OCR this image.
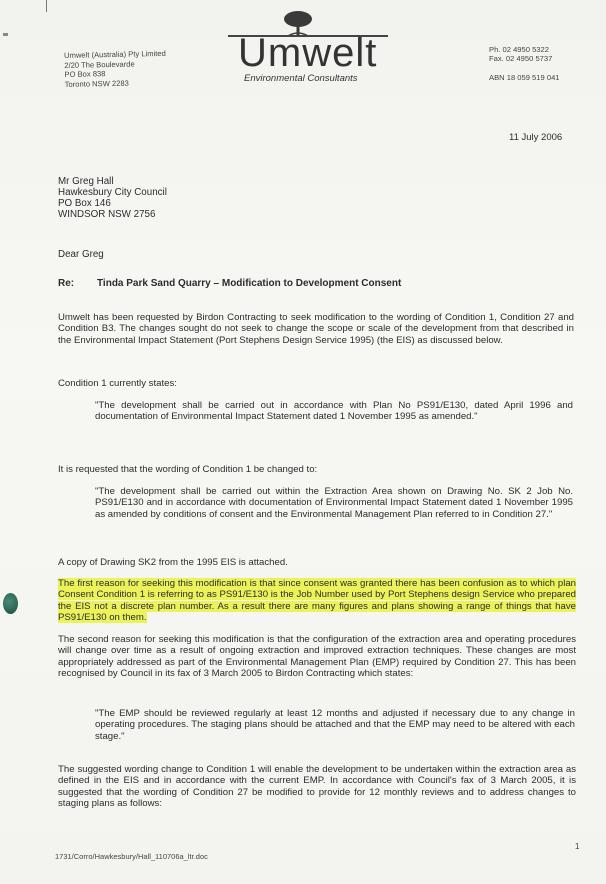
Umwelt (Australia) Pty Limited
2/20 The Boulevarde
PO Box 838
Toronto NSW 2283
Umwelt
Environmental Consultants
Ph. 02 4950 5322
Fax. 02 4950 5737
ABN 18 059 519 041
11 July 2006
Mr Greg Hall
Hawkesbury City Council
PO Box 146
WINDSOR NSW 2756
Dear Greg
Re: Tinda Park Sand Quarry – Modification to Development Consent
Umwelt has been requested by Birdon Contracting to seek modification to the wording of Condition 1, Condition 27 and Condition B3. The changes sought do not seek to change the scope or scale of the development from that described in the Environmental Impact Statement (Port Stephens Design Service 1995) (the EIS) as discussed below.
Condition 1 currently states:
"The development shall be carried out in accordance with Plan No PS91/E130, dated April 1996 and documentation of Environmental Impact Statement dated 1 November 1995 as amended."
It is requested that the wording of Condition 1 be changed to:
"The development shall be carried out within the Extraction Area shown on Drawing No. SK 2 Job No. PS91/E130 and in accordance with documentation of Environmental Impact Statement dated 1 November 1995 as amended by conditions of consent and the Environmental Management Plan referred to in Condition 27."
A copy of Drawing SK2 from the 1995 EIS is attached.
The first reason for seeking this modification is that since consent was granted there has been confusion as to which plan Consent Condition 1 is referring to as PS91/E130 is the Job Number used by Port Stephens design Service who prepared the EIS not a discrete plan number. As a result there are many figures and plans showing a range of things that have PS91/E130 on them.
The second reason for seeking this modification is that the configuration of the extraction area and operating procedures will change over time as a result of ongoing extraction and improved extraction techniques. These changes are most appropriately addressed as part of the Environmental Management Plan (EMP) required by Condition 27. This has been recognised by Council in its fax of 3 March 2005 to Birdon Contracting which states:
"The EMP should be reviewed regularly at least 12 months and adjusted if necessary due to any change in operating procedures. The staging plans should be attached and that the EMP may need to be altered with each stage."
The suggested wording change to Condition 1 will enable the development to be undertaken within the extraction area as defined in the EIS and in accordance with the current EMP. In accordance with Council's fax of 3 March 2005, it is suggested that the wording of Condition 27 be modified to provide for 12 monthly reviews and to address changes to staging plans as follows:
1
1731/Corro/Hawkesbury/Hall_110706a_ltr.doc
